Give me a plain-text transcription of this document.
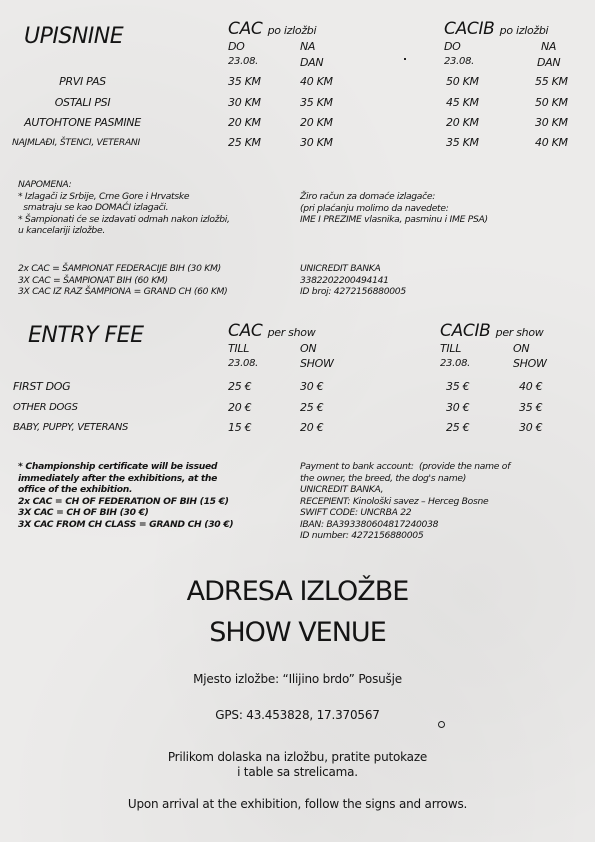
UPISNINE	CAC po izložbi	CACIB po izložbi
DO	NA	DO	NA
23.08.	DAN	23.08.	DAN
PRVI PAS	35 KM	40 KM	50 KM	55 KM
OSTALI PSI	30 KM	35 KM	45 KM	50 KM
AUTOHTONE PASMINE	20 KM	20 KM	20 KM	30 KM
NAJMLAĐI, ŠTENCI, VETERANI	25 KM	30 KM	35 KM	40 KM
NAPOMENA:
* Izlagači iz Srbije, Crne Gore i Hrvatske
smatraju se kao DOMAĆI izlagači.
* Šampionati će se izdavati odmah nakon izložbi,
u kancelariji izložbe.
Žiro račun za domaće izlagače:
(pri plaćanju molimo da navedete:
IME I PREZIME vlasnika, pasminu i IME PSA)
2x CAC = ŠAMPIONAT FEDERACIJE BIH (30 KM)
3X CAC = ŠAMPIONAT BIH (60 KM)
3X CAC IZ RAZ ŠAMPIONA = GRAND CH (60 KM)
UNICREDIT BANKA
3382202200494141
ID broj: 4272156880005
ENTRY FEE	CAC per show	CACIB per show
TILL	ON	TILL	ON
23.08.	SHOW	23.08.	SHOW
FIRST DOG	25 €	30 €	35 €	40 €
OTHER DOGS	20 €	25 €	30 €	35 €
BABY, PUPPY, VETERANS	15 €	20 €	25 €	30 €
* Championship certificate will be issued
immediately after the exhibitions, at the
office of the exhibition.
2x CAC = CH OF FEDERATION OF BIH (15 €)
3X CAC = CH OF BIH (30 €)
3X CAC FROM CH CLASS = GRAND CH (30 €)
Payment to bank account:  (provide the name of
the owner, the breed, the dog's name)
UNICREDIT BANKA,
RECEPIENT: Kinološki savez – Herceg Bosne
SWIFT CODE: UNCRBA 22
IBAN: BA393380604817240038
ID number: 4272156880005
ADRESA IZLOŽBE
SHOW VENUE
Mjesto izložbe: “Ilijino brdo” Posušje
GPS: 43.453828, 17.370567
Prilikom dolaska na izložbu, pratite putokaze
i table sa strelicama.
Upon arrival at the exhibition, follow the signs and arrows.
